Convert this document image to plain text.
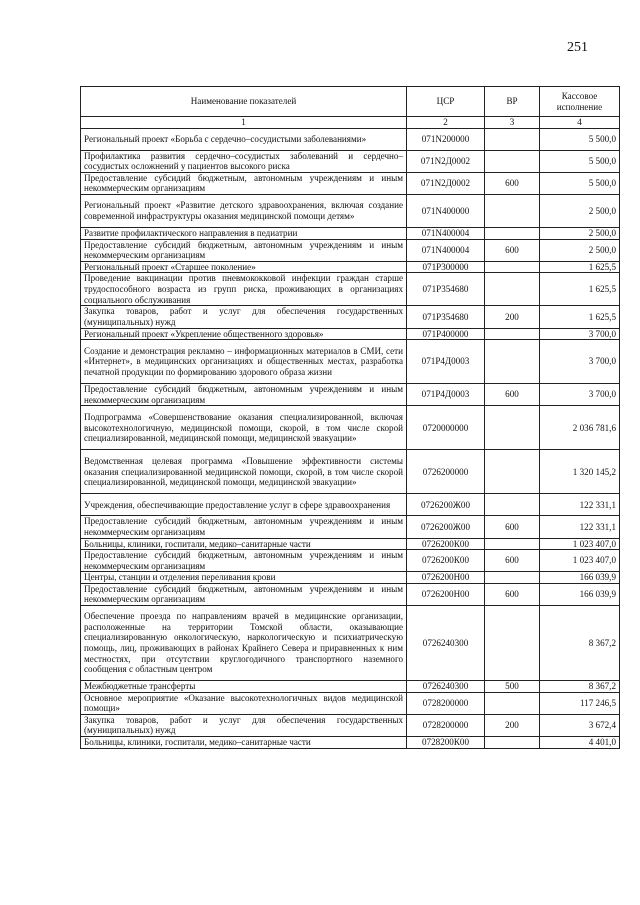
251
Наименование показателей	ЦСР	ВР	Кассовое исполнение
1	2	3	4
Региональный проект «Борьба с сердечно–сосудистыми заболеваниями»	071N200000		5 500,0
Профилактика развития сердечно–сосудистых заболеваний и сердечно–сосудистых осложнений у пациентов высокого риска	071N2Д0002		5 500,0
Предоставление субсидий бюджетным, автономным учреждениям и иным некоммерческим организациям	071N2Д0002	600	5 500,0
Региональный проект «Развитие детского здравоохранения, включая создание современной инфраструктуры оказания медицинской помощи детям»	071N400000		2 500,0
Развитие профилактического направления в педиатрии	071N400004		2 500,0
Предоставление субсидий бюджетным, автономным учреждениям и иным некоммерческим организациям	071N400004	600	2 500,0
Региональный проект «Старшее поколение»	071P300000		1 625,5
Проведение вакцинации против пневмококковой инфекции граждан старше трудоспособного возраста из групп риска, проживающих в организациях социального обслуживания	071P354680		1 625,5
Закупка товаров, работ и услуг для обеспечения государственных (муниципальных) нужд	071P354680	200	1 625,5
Региональный проект «Укрепление общественного здоровья»	071P400000		3 700,0
Создание и демонстрация рекламно – информационных материалов в СМИ, сети «Интернет», в медицинских организациях и общественных местах, разработка печатной продукции по формированию здорового образа жизни	071P4Д0003		3 700,0
Предоставление субсидий бюджетным, автономным учреждениям и иным некоммерческим организациям	071P4Д0003	600	3 700,0
Подпрограмма «Совершенствование оказания специализированной, включая высокотехнологичную, медицинской помощи, скорой, в том числе скорой специализированной, медицинской помощи, медицинской эвакуации»	0720000000		2 036 781,6
Ведомственная целевая программа «Повышение эффективности системы оказания специализированной медицинской помощи, скорой, в том числе скорой специализированной, медицинской помощи, медицинской эвакуации»	0726200000		1 320 145,2
Учреждения, обеспечивающие предоставление услуг в сфере здравоохранения	0726200Ж00		122 331,1
Предоставление субсидий бюджетным, автономным учреждениям и иным некоммерческим организациям	0726200Ж00	600	122 331,1
Больницы, клиники, госпитали, медико–санитарные части	0726200К00		1 023 407,0
Предоставление субсидий бюджетным, автономным учреждениям и иным некоммерческим организациям	0726200К00	600	1 023 407,0
Центры, станции и отделения переливания крови	0726200Н00		166 039,9
Предоставление субсидий бюджетным, автономным учреждениям и иным некоммерческим организациям	0726200Н00	600	166 039,9
Обеспечение проезда по направлениям врачей в медицинские организации, расположенные на территории Томской области, оказывающие специализированную онкологическую, наркологическую и психиатрическую помощь, лиц, проживающих в районах Крайнего Севера и приравненных к ним местностях, при отсутствии круглогодичного транспортного наземного сообщения с областным центром	0726240300		8 367,2
Межбюджетные трансферты	0726240300	500	8 367,2
Основное мероприятие «Оказание высокотехнологичных видов медицинской помощи»	0728200000		117 246,5
Закупка товаров, работ и услуг для обеспечения государственных (муниципальных) нужд	0728200000	200	3 672,4
Больницы, клиники, госпитали, медико–санитарные части	0728200К00		4 401,0
